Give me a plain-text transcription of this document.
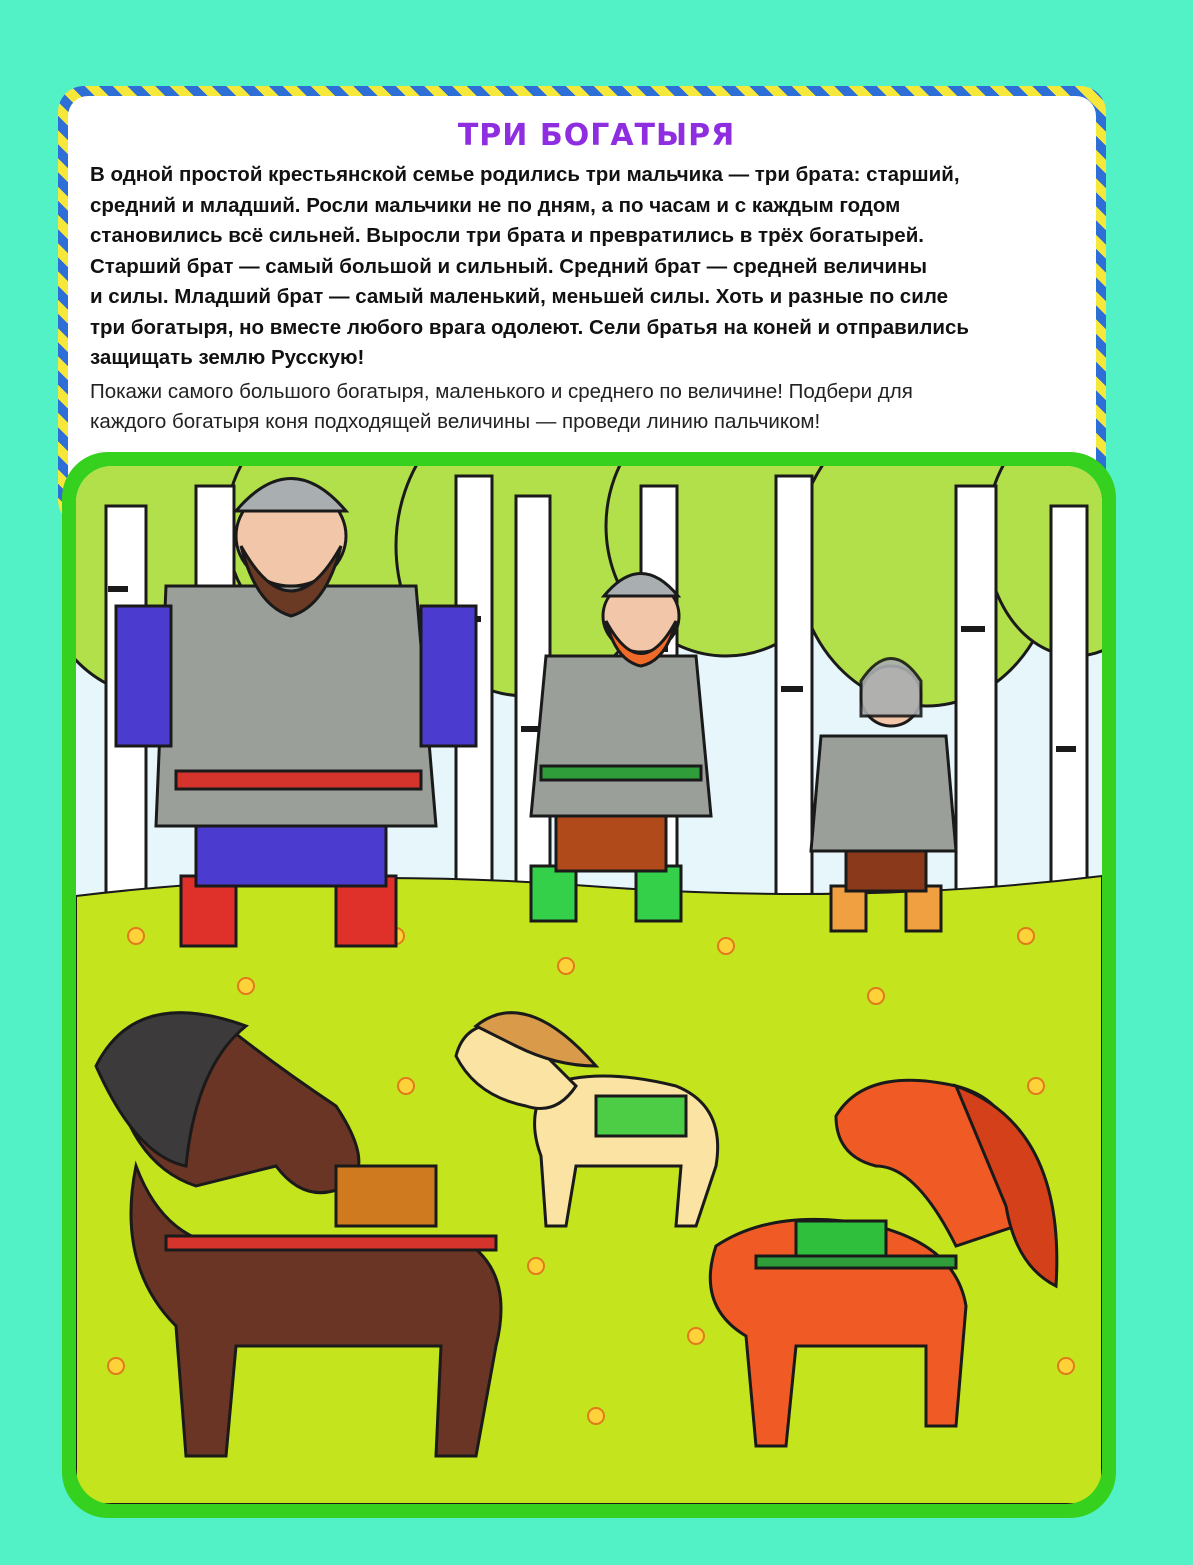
ТРИ БОГАТЫРЯ

В одной простой крестьянской семье родились три мальчика — три брата: старший,
средний и младший. Росли мальчики не по дням, а по часам и с каждым годом
становились всё сильней. Выросли три брата и превратились в трёх богатырей.
Старший брат — самый большой и сильный. Средний брат — средней величины
и силы. Младший брат — самый маленький, меньшей силы. Хоть и разные по силе
три богатыря, но вместе любого врага одолеют. Сели братья на коней и отправились
защищать землю Русскую!

Покажи самого большого богатыря, маленького и среднего по величине! Подбери для
каждого богатыря коня подходящей величины — проведи линию пальчиком!
